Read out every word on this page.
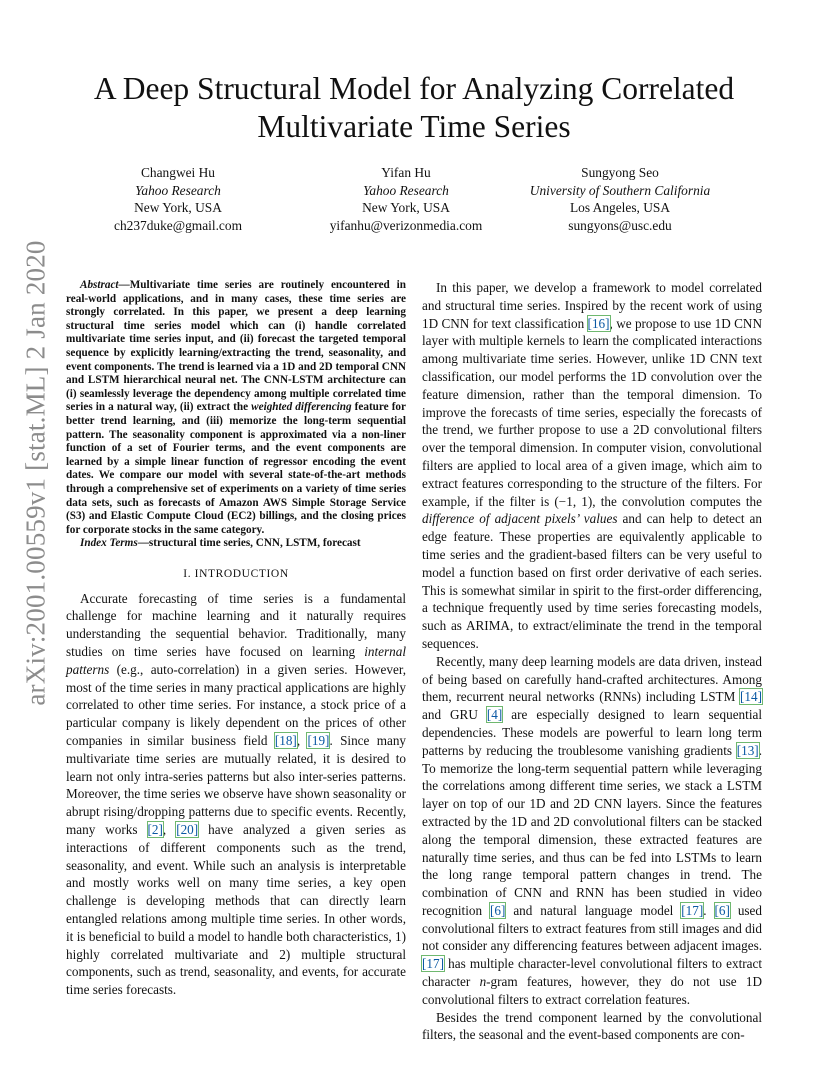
arXiv:2001.00559v1 [stat.ML] 2 Jan 2020
A Deep Structural Model for Analyzing Correlated
Multivariate Time Series
Changwei Hu
Yahoo Research
New York, USA
ch237duke@gmail.com
Yifan Hu
Yahoo Research
New York, USA
yifanhu@verizonmedia.com
Sungyong Seo
University of Southern California
Los Angeles, USA
sungyons@usc.edu

Abstract—Multivariate time series are routinely encountered in real-world applications, and in many cases, these time series are strongly correlated. In this paper, we present a deep learning structural time series model which can (i) handle correlated multivariate time series input, and (ii) forecast the targeted temporal sequence by explicitly learning/extracting the trend, seasonality, and event components. The trend is learned via a 1D and 2D temporal CNN and LSTM hierarchical neural net. The CNN-LSTM architecture can (i) seamlessly leverage the dependency among multiple correlated time series in a natural way, (ii) extract the weighted differencing feature for better trend learning, and (iii) memorize the long-term sequential pattern. The seasonality component is approximated via a non-liner function of a set of Fourier terms, and the event components are learned by a simple linear function of regressor encoding the event dates. We compare our model with several state-of-the-art methods through a comprehensive set of experiments on a variety of time series data sets, such as forecasts of Amazon AWS Simple Storage Service (S3) and Elastic Compute Cloud (EC2) billings, and the closing prices for corporate stocks in the same category.

Index Terms—structural time series, CNN, LSTM, forecast

I. INTRODUCTION

Accurate forecasting of time series is a fundamental challenge for machine learning and it naturally requires understanding the sequential behavior. Traditionally, many studies on time series have focused on learning internal patterns (e.g., auto-correlation) in a given series. However, most of the time series in many practical applications are highly correlated to other time series. For instance, a stock price of a particular company is likely dependent on the prices of other companies in similar business field [18], [19]. Since many multivariate time series are mutually related, it is desired to learn not only intra-series patterns but also inter-series patterns. Moreover, the time series we observe have shown seasonality or abrupt rising/dropping patterns due to specific events. Recently, many works [2], [20] have analyzed a given series as interactions of different components such as the trend, seasonality, and event. While such an analysis is interpretable and mostly works well on many time series, a key open challenge is developing methods that can directly learn entangled relations among multiple time series. In other words, it is beneficial to build a model to handle both characteristics, 1) highly correlated multivariate and 2) multiple structural components, such as trend, seasonality, and events, for accurate time series forecasts.

In this paper, we develop a framework to model correlated and structural time series. Inspired by the recent work of using 1D CNN for text classification [16], we propose to use 1D CNN layer with multiple kernels to learn the complicated interactions among multivariate time series. However, unlike 1D CNN text classification, our model performs the 1D convolution over the feature dimension, rather than the temporal dimension. To improve the forecasts of time series, especially the forecasts of the trend, we further propose to use a 2D convolutional filters over the temporal dimension. In computer vision, convolutional filters are applied to local area of a given image, which aim to extract features corresponding to the structure of the filters. For example, if the filter is (−1, 1), the convolution computes the difference of adjacent pixels’ values and can help to detect an edge feature. These properties are equivalently applicable to time series and the gradient-based filters can be very useful to model a function based on first order derivative of each series. This is somewhat similar in spirit to the first-order differencing, a technique frequently used by time series forecasting models, such as ARIMA, to extract/eliminate the trend in the temporal sequences.

Recently, many deep learning models are data driven, instead of being based on carefully hand-crafted architectures. Among them, recurrent neural networks (RNNs) including LSTM [14] and GRU [4] are especially designed to learn sequential dependencies. These models are powerful to learn long term patterns by reducing the troublesome vanishing gradients [13]. To memorize the long-term sequential pattern while leveraging the correlations among different time series, we stack a LSTM layer on top of our 1D and 2D CNN layers. Since the features extracted by the 1D and 2D convolutional filters can be stacked along the temporal dimension, these extracted features are naturally time series, and thus can be fed into LSTMs to learn the long range temporal pattern changes in trend. The combination of CNN and RNN has been studied in video recognition [6] and natural language model [17]. [6] used convolutional filters to extract features from still images and did not consider any differencing features between adjacent images. [17] has multiple character-level convolutional filters to extract character n-gram features, however, they do not use 1D convolutional filters to extract correlation features.

Besides the trend component learned by the convolutional filters, the seasonal and the event-based components are con-
